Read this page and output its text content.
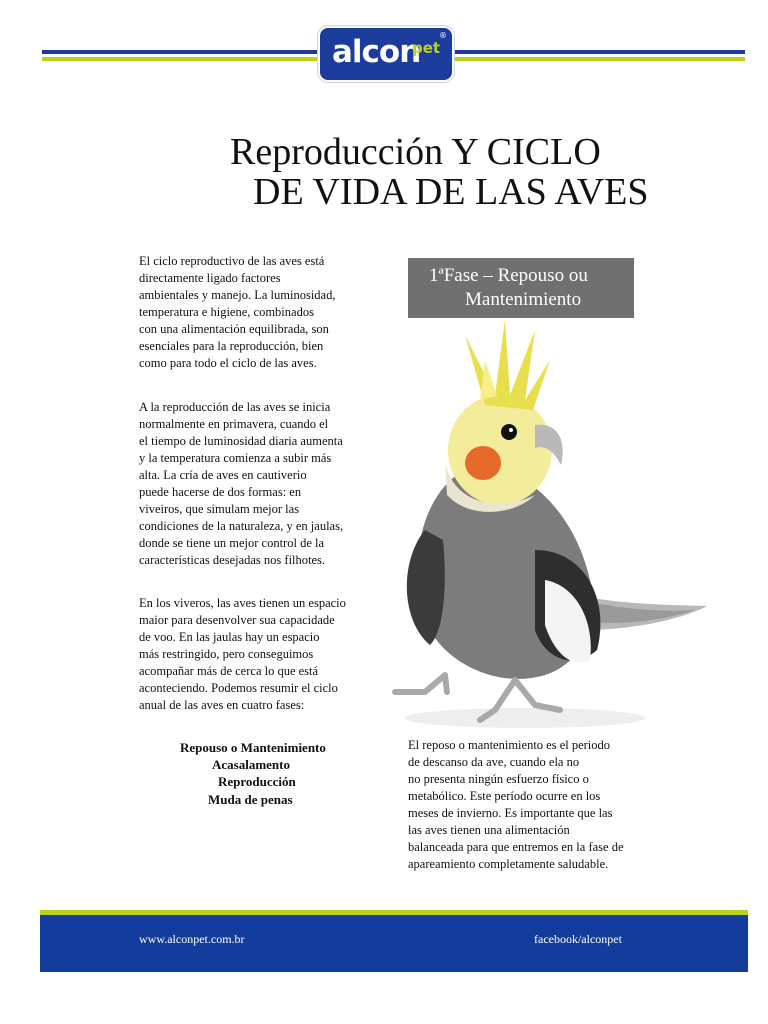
alcon
pet
®
Reproducción Y CICLO
DE VIDA DE LAS AVES
El ciclo reproductivo de las aves está
directamente ligado factores
ambientales y manejo. La luminosidad,
temperatura e higiene, combinados
con una alimentación equilibrada, son
esenciales para la reproducción, bien
como para todo el ciclo de las aves.
A la reproducción de las aves se inicia
normalmente en primavera, cuando el
el tiempo de luminosidad diaria aumenta
y la temperatura comienza a subir más
alta. La cría de aves en cautiverio
puede hacerse de dos formas: en
viveiros, que simulam mejor las
condiciones de la naturaleza, y en jaulas,
donde se tiene un mejor control de la
características desejadas nos filhotes.
En los viveros, las aves tienen un espacio
maior para desenvolver sua capacidade
de voo. En las jaulas hay un espacio
más restringido, pero conseguimos
acompañar más de cerca lo que está
aconteciendo. Podemos resumir el ciclo
anual de las aves en cuatro fases:
Repouso o Mantenimiento
Acasalamento
Reproducción
Muda de penas
1ªFase – Repouso ou
Mantenimiento
El reposo o mantenimiento es el periodo
de descanso da ave, cuando ela no
no presenta ningún esfuerzo físico o
metabólico. Este período ocurre en los
meses de invierno. Es importante que las
las aves tienen una alimentación
balanceada para que entremos en la fase de
apareamiento completamente saludable.
www.alconpet.com.br	facebook/alconpet
